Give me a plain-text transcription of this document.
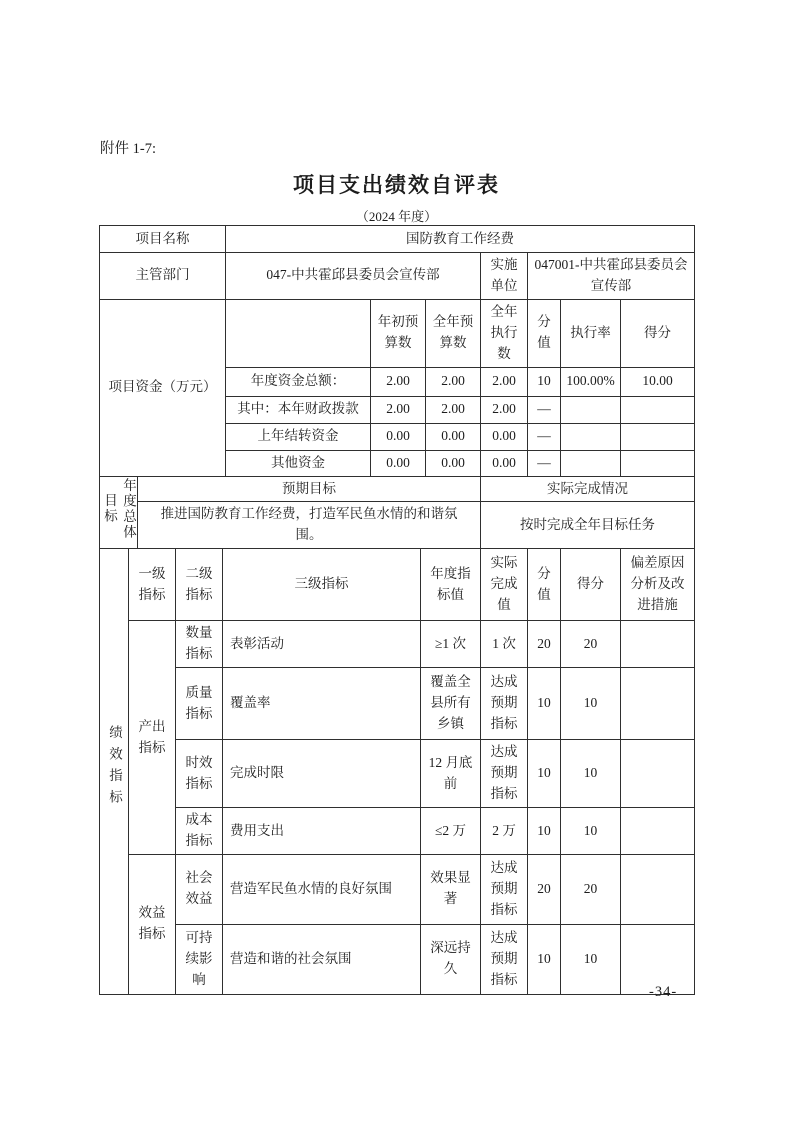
附件 1-7:
项目支出绩效自评表
（2024 年度）
项目名称	国防教育工作经费						
主管部门	047-中共霍邱县委员会宣传部			实施单位	047001-中共霍邱县委员会宣传部		
项目资金（万元）		年初预算数	全年预算数	全年执行数	分值	执行率	得分
	年度资金总额：	2.00	2.00	2.00	10	100.00%	10.00
	其中：本年财政拨款	2.00	2.00	2.00	—		
	上年结转资金	0.00	0.00	0.00	—		
	其他资金	0.00	0.00	0.00	—		
年度总体目标	预期目标	实际完成情况
	推进国防教育工作经费，打造军民鱼水情的和谐氛围。	按时完成全年目标任务
绩效指标	一级指标	二级指标	三级指标	年度指标值	实际完成值	分值	得分	偏差原因分析及改进措施
	产出指标	数量指标	表彰活动	≥1 次	1 次	20	20	
		质量指标	覆盖率	覆盖全县所有乡镇	达成预期指标	10	10	
		时效指标	完成时限	12 月底前	达成预期指标	10	10	
		成本指标	费用支出	≤2 万	2 万	10	10	
	效益指标	社会效益	营造军民鱼水情的良好氛围	效果显著	达成预期指标	20	20	
		可持续影响	营造和谐的社会氛围	深远持久	达成预期指标	10	10	
-34-
